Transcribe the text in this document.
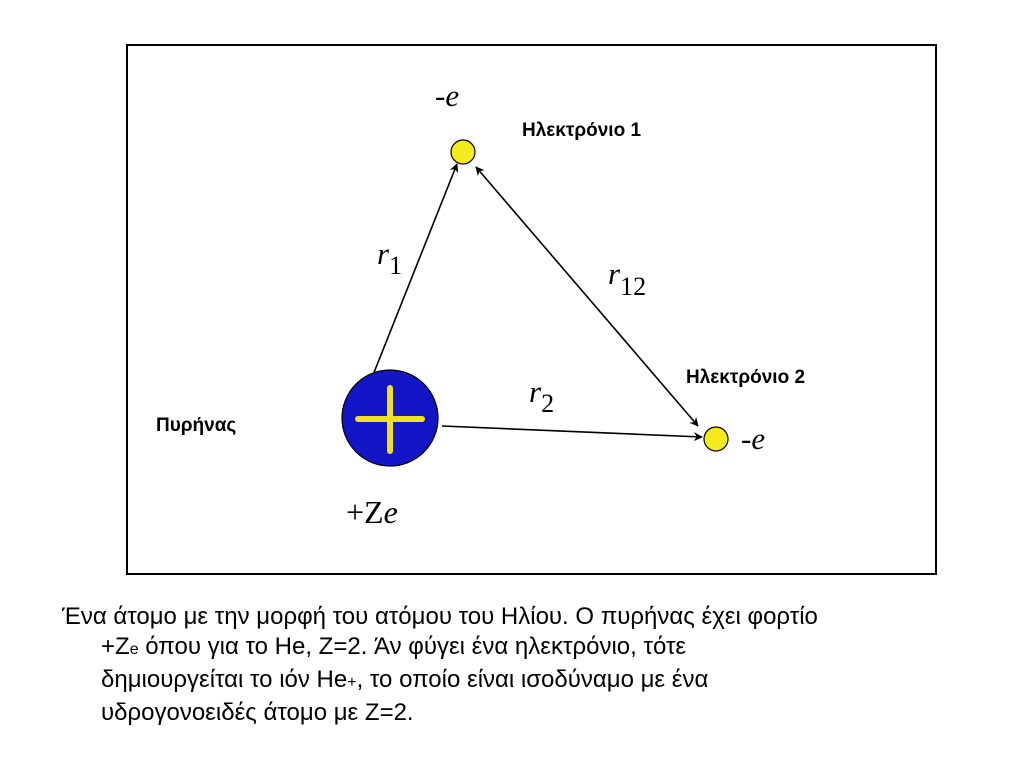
Ηλεκτρόνιο 1
Ηλεκτρόνιο 2
Πυρήνας
-e
-e
+Ze
$r_1$
$r_2$
$r_{12}$
Ένα άτομο με την μορφή του ατόμου του Ηλίου. Ο πυρήνας έχει φορτίο
+Ze όπου για το He, Z=2. Άν φύγει ένα ηλεκτρόνιο, τότε
δημιουργείται το ιόν He+, το οποίο είναι ισοδύναμο με ένα
υδρογονοειδές άτομο με Z=2.
